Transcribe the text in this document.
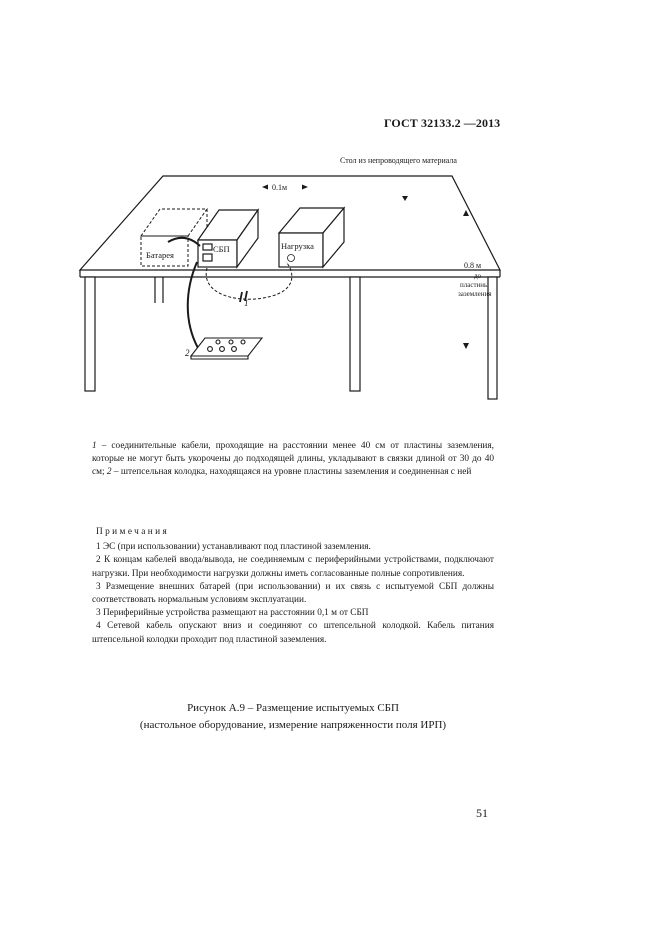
ГОСТ 32133.2 —2013
Батарея
СБП	Нагрузка
1
2
0.1м
Стол из непроводящего материала
0.8 м
до
пластины
заземления
1 – соединительные кабели, проходящие на расстоянии менее 40 см от пластины заземления, которые не могут быть укорочены до подходящей длины, укладывают в связки длиной от 30 до 40 см; 2 – штепсельная колодка, находящаяся на уровне пластины заземления и соединенная с ней
Примечания
1 ЭС (при использовании) устанавливают под пластиной заземления.
2 К концам кабелей ввода/вывода, не соединяемым с периферийными устройствами, подключают нагрузки. При необходимости нагрузки должны иметь согласованные полные сопротивления.
3 Размещение внешних батарей (при использовании) и их связь с испытуемой СБП должны соответствовать нормальным условиям эксплуатации.
3 Периферийные устройства размещают на расстоянии 0,1 м от СБП
4 Сетевой кабель опускают вниз и соединяют со штепсельной колодкой. Кабель питания штепсельной колодки проходит под пластиной заземления.
Рисунок А.9 – Размещение испытуемых СБП
(настольное оборудование, измерение напряженности поля ИРП)
51
